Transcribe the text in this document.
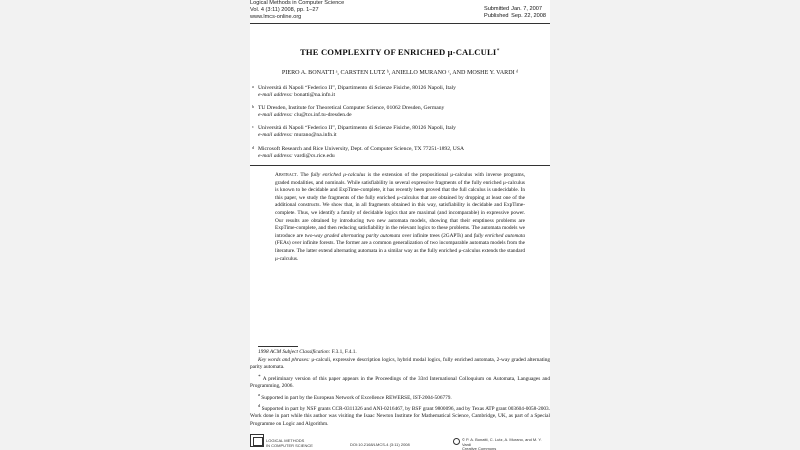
Logical Methods in Computer Science
Vol. 4 (3:11) 2008, pp. 1–27
www.lmcs-online.org
Submitted	Jan. 7, 2007
Published	Sep. 22, 2008
THE COMPLEXITY OF ENRICHED μ-CALCULI∗
PIERO A. BONATTI ᵃ, CARSTEN LUTZ ᵇ, ANIELLO MURANO ᶜ, AND MOSHE Y. VARDI ᵈ
a Università di Napoli “Federico II”, Dipartimento di Scienze Fisiche, 80126 Napoli, Italy
e-mail address: bonatti@na.infn.it
b TU Dresden, Institute for Theoretical Computer Science, 01062 Dresden, Germany
e-mail address: clu@tcs.inf.tu-dresden.de
c Università di Napoli “Federico II”, Dipartimento di Scienze Fisiche, 80126 Napoli, Italy
e-mail address: murano@na.infn.it
d Microsoft Research and Rice University, Dept. of Computer Science, TX 77251-1892, USA
e-mail address: vardi@cs.rice.edu
Abstract. The fully enriched μ-calculus is the extension of the propositional μ-calculus with inverse programs, graded modalities, and nominals. While satisfiability in several expressive fragments of the fully enriched μ-calculus is known to be decidable and ExpTime-complete, it has recently been proved that the full calculus is undecidable. In this paper, we study the fragments of the fully enriched μ-calculus that are obtained by dropping at least one of the additional constructs. We show that, in all fragments obtained in this way, satisfiability is decidable and ExpTime-complete. Thus, we identify a family of decidable logics that are maximal (and incomparable) in expressive power. Our results are obtained by introducing two new automata models, showing that their emptiness problems are ExpTime-complete, and then reducing satisfiability in the relevant logics to these problems. The automata models we introduce are two-way graded alternating parity automata over infinite trees (2GAPTs) and fully enriched automata (FEAs) over infinite forests. The former are a common generalization of two incomparable automata models from the literature. The latter extend alternating automata in a similar way as the fully enriched μ-calculus extends the standard μ-calculus.

1998 ACM Subject Classification: F.3.1, F.4.1.

Key words and phrases: μ-calculi, expressive description logics, hybrid modal logics, fully enriched automata, 2-way graded alternating parity automata.

∗ A preliminary version of this paper appears in the Proceedings of the 33rd International Colloquium on Automata, Languages and Programming, 2006.

$^a$ Supported in part by the European Network of Excellence REWERSE, IST-2004-506779.

$^d$ Supported in part by NSF grants CCR-0311326 and ANI-0216467, by BSF grant 9800096, and by Texas ATP grant 003604-0058-2003. Work done in part while this author was visiting the Isaac Newton Institute for Mathematical Science, Cambridge, UK, as part of a Special Programme on Logic and Algorithm.

LOGICAL METHODS
IN COMPUTER SCIENCE	DOI:10.2168/LMCS-4 (3:11) 2008
© P. A. Bonatti, C. Lutz, A. Murano, and M. Y. Vardi
Creative Commons
